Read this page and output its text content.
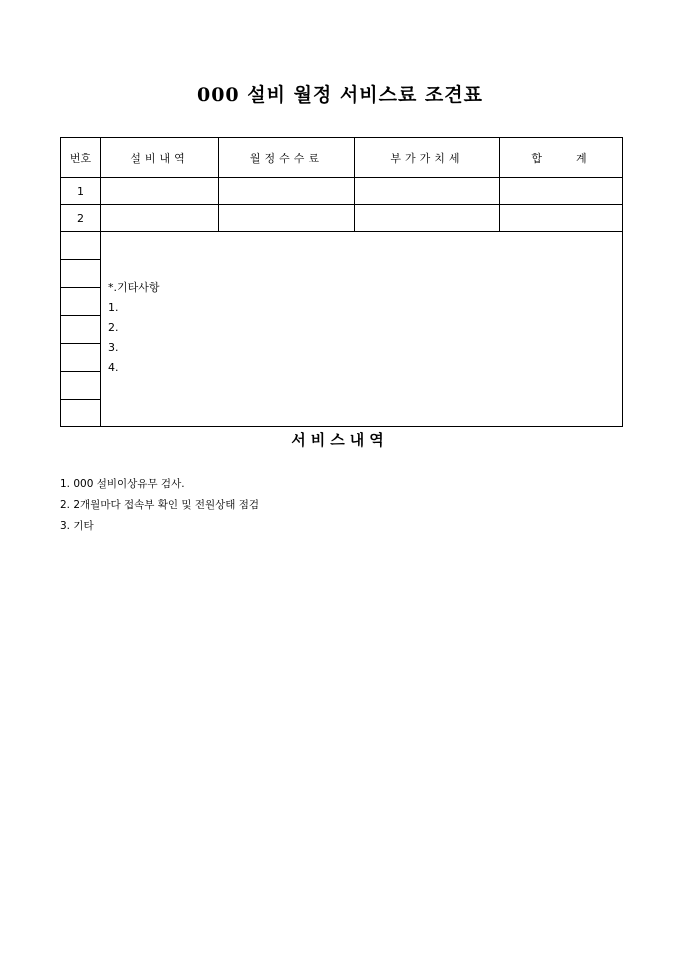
000 설비 월정 서비스료 조견표
번호	설비내역	월정수수료	부가가치세	합    계
1				
2				

	*.기타사항
1.
2.
3.
4.			

서비스내역
1. 000 설비이상유무 검사.
2. 2개월마다 접속부 확인 및 전원상태 점검
3. 기타
